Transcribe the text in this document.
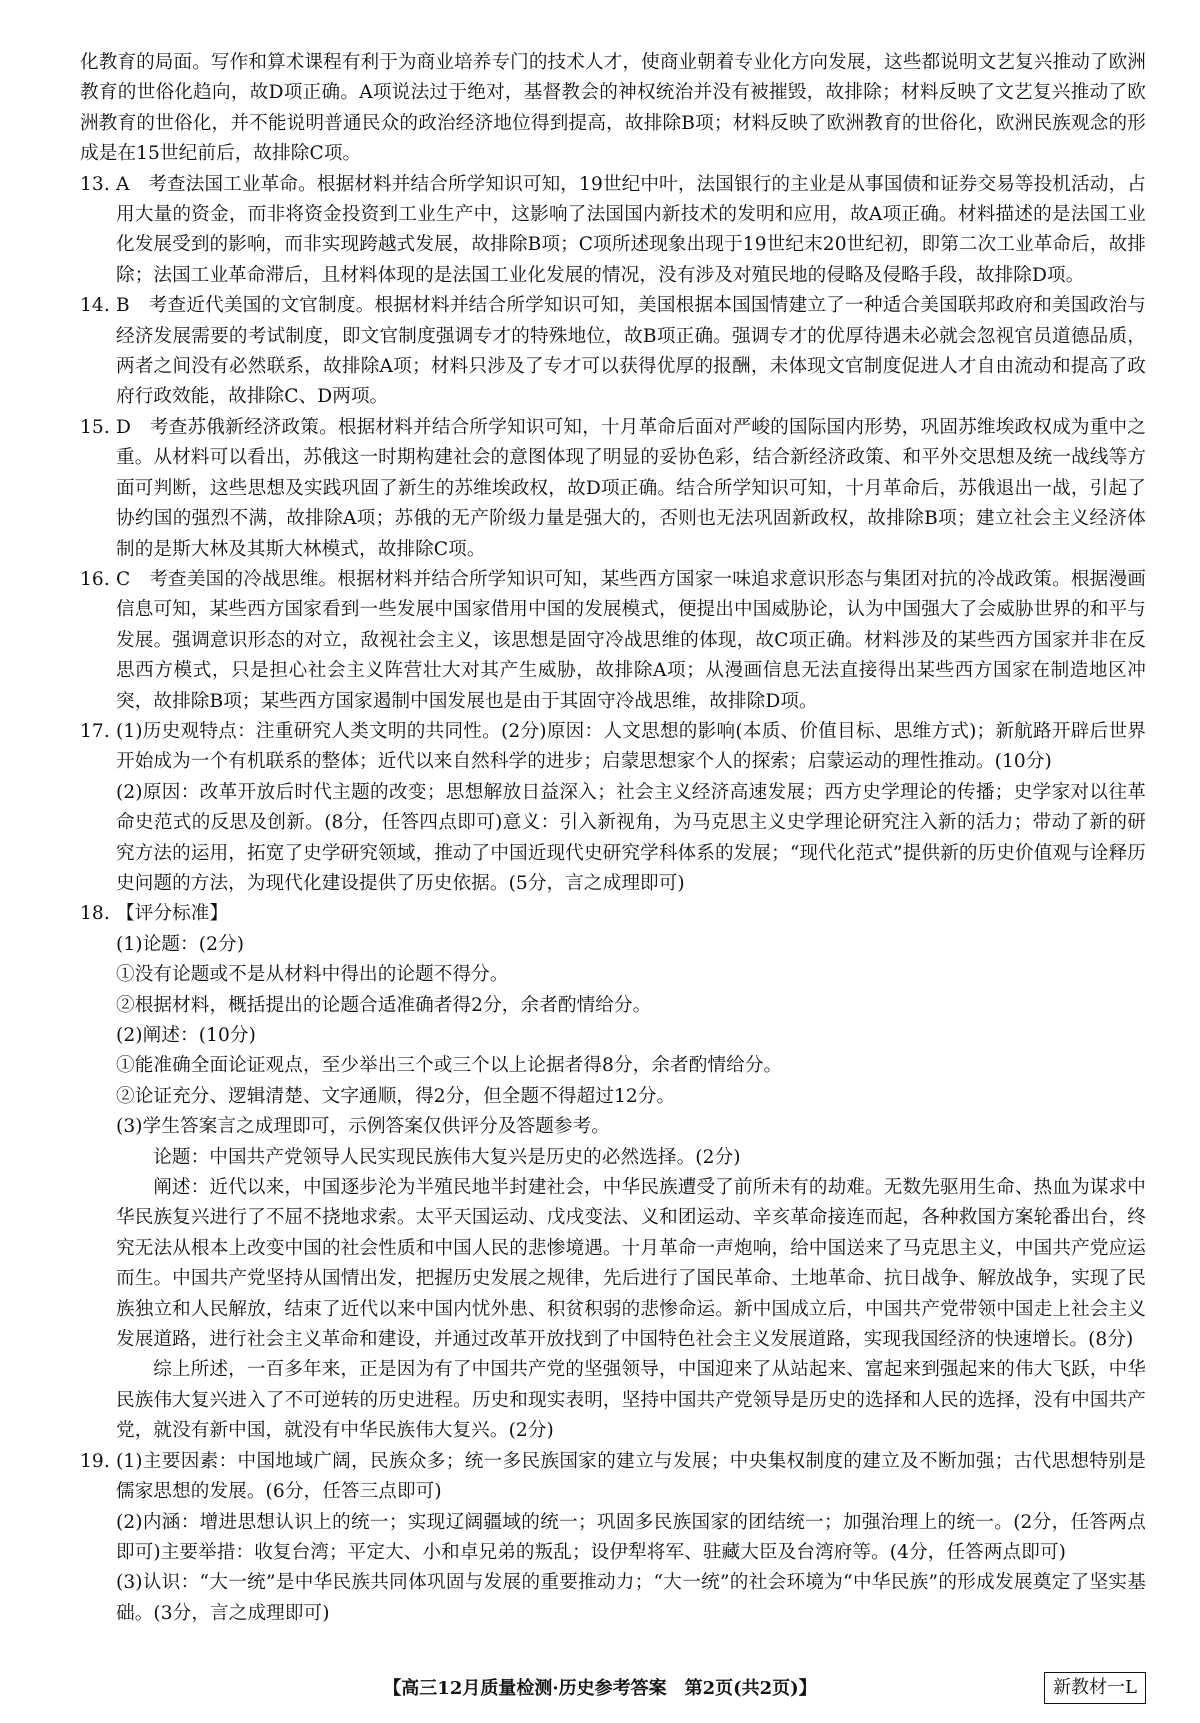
化教育的局面。写作和算术课程有利于为商业培养专门的技术人才，使商业朝着专业化方向发展，这些都说明文艺复兴推动了欧洲教育的世俗化趋向，故D项正确。A项说法过于绝对，基督教会的神权统治并没有被摧毁，故排除；材料反映了文艺复兴推动了欧洲教育的世俗化，并不能说明普通民众的政治经济地位得到提高，故排除B项；材料反映了欧洲教育的世俗化，欧洲民族观念的形成是在15世纪前后，故排除C项。

13. A　考查法国工业革命。根据材料并结合所学知识可知，19世纪中叶，法国银行的主业是从事国债和证券交易等投机活动，占用大量的资金，而非将资金投资到工业生产中，这影响了法国国内新技术的发明和应用，故A项正确。材料描述的是法国工业化发展受到的影响，而非实现跨越式发展，故排除B项；C项所述现象出现于19世纪末20世纪初，即第二次工业革命后，故排除；法国工业革命滞后，且材料体现的是法国工业化发展的情况，没有涉及对殖民地的侵略及侵略手段，故排除D项。
14. B　考查近代美国的文官制度。根据材料并结合所学知识可知，美国根据本国国情建立了一种适合美国联邦政府和美国政治与经济发展需要的考试制度，即文官制度强调专才的特殊地位，故B项正确。强调专才的优厚待遇未必就会忽视官员道德品质，两者之间没有必然联系，故排除A项；材料只涉及了专才可以获得优厚的报酬，未体现文官制度促进人才自由流动和提高了政府行政效能，故排除C、D两项。
15. D　考查苏俄新经济政策。根据材料并结合所学知识可知，十月革命后面对严峻的国际国内形势，巩固苏维埃政权成为重中之重。从材料可以看出，苏俄这一时期构建社会的意图体现了明显的妥协色彩，结合新经济政策、和平外交思想及统一战线等方面可判断，这些思想及实践巩固了新生的苏维埃政权，故D项正确。结合所学知识可知，十月革命后，苏俄退出一战，引起了协约国的强烈不满，故排除A项；苏俄的无产阶级力量是强大的，否则也无法巩固新政权，故排除B项；建立社会主义经济体制的是斯大林及其斯大林模式，故排除C项。
16. C　考查美国的冷战思维。根据材料并结合所学知识可知，某些西方国家一味追求意识形态与集团对抗的冷战政策。根据漫画信息可知，某些西方国家看到一些发展中国家借用中国的发展模式，便提出中国威胁论，认为中国强大了会威胁世界的和平与发展。强调意识形态的对立，敌视社会主义，该思想是固守冷战思维的体现，故C项正确。材料涉及的某些西方国家并非在反思西方模式，只是担心社会主义阵营壮大对其产生威胁，故排除A项；从漫画信息无法直接得出某些西方国家在制造地区冲突，故排除B项；某些西方国家遏制中国发展也是由于其固守冷战思维，故排除D项。
17. (1)历史观特点：注重研究人类文明的共同性。(2分)原因：人文思想的影响(本质、价值目标、思维方式)；新航路开辟后世界开始成为一个有机联系的整体；近代以来自然科学的进步；启蒙思想家个人的探索；启蒙运动的理性推动。(10分)

(2)原因：改革开放后时代主题的改变；思想解放日益深入；社会主义经济高速发展；西方史学理论的传播；史学家对以往革命史范式的反思及创新。(8分，任答四点即可)意义：引入新视角，为马克思主义史学理论研究注入新的活力；带动了新的研究方法的运用，拓宽了史学研究领域，推动了中国近现代史研究学科体系的发展；“现代化范式”提供新的历史价值观与诠释历史问题的方法，为现代化建设提供了历史依据。(5分，言之成理即可)

18. 【评分标准】

(1)论题：(2分)

①没有论题或不是从材料中得出的论题不得分。

②根据材料，概括提出的论题合适准确者得2分，余者酌情给分。

(2)阐述：(10分)

①能准确全面论证观点，至少举出三个或三个以上论据者得8分，余者酌情给分。

②论证充分、逻辑清楚、文字通顺，得2分，但全题不得超过12分。

(3)学生答案言之成理即可，示例答案仅供评分及答题参考。

论题：中国共产党领导人民实现民族伟大复兴是历史的必然选择。(2分)

阐述：近代以来，中国逐步沦为半殖民地半封建社会，中华民族遭受了前所未有的劫难。无数先驱用生命、热血为谋求中华民族复兴进行了不屈不挠地求索。太平天国运动、戊戌变法、义和团运动、辛亥革命接连而起，各种救国方案轮番出台，终究无法从根本上改变中国的社会性质和中国人民的悲惨境遇。十月革命一声炮响，给中国送来了马克思主义，中国共产党应运而生。中国共产党坚持从国情出发，把握历史发展之规律，先后进行了国民革命、土地革命、抗日战争、解放战争，实现了民族独立和人民解放，结束了近代以来中国内忧外患、积贫积弱的悲惨命运。新中国成立后，中国共产党带领中国走上社会主义发展道路，进行社会主义革命和建设，并通过改革开放找到了中国特色社会主义发展道路，实现我国经济的快速增长。(8分)

综上所述，一百多年来，正是因为有了中国共产党的坚强领导，中国迎来了从站起来、富起来到强起来的伟大飞跃，中华民族伟大复兴进入了不可逆转的历史进程。历史和现实表明，坚持中国共产党领导是历史的选择和人民的选择，没有中国共产党，就没有新中国，就没有中华民族伟大复兴。(2分)

19. (1)主要因素：中国地域广阔，民族众多；统一多民族国家的建立与发展；中央集权制度的建立及不断加强；古代思想特别是儒家思想的发展。(6分，任答三点即可)

(2)内涵：增进思想认识上的统一；实现辽阔疆域的统一；巩固多民族国家的团结统一；加强治理上的统一。(2分，任答两点即可)主要举措：收复台湾；平定大、小和卓兄弟的叛乱；设伊犁将军、驻藏大臣及台湾府等。(4分，任答两点即可)

(3)认识：“大一统”是中华民族共同体巩固与发展的重要推动力；“大一统”的社会环境为“中华民族”的形成发展奠定了坚实基础。(3分，言之成理即可)

【高三12月质量检测·历史参考答案　第2页(共2页)】	新教材一L
